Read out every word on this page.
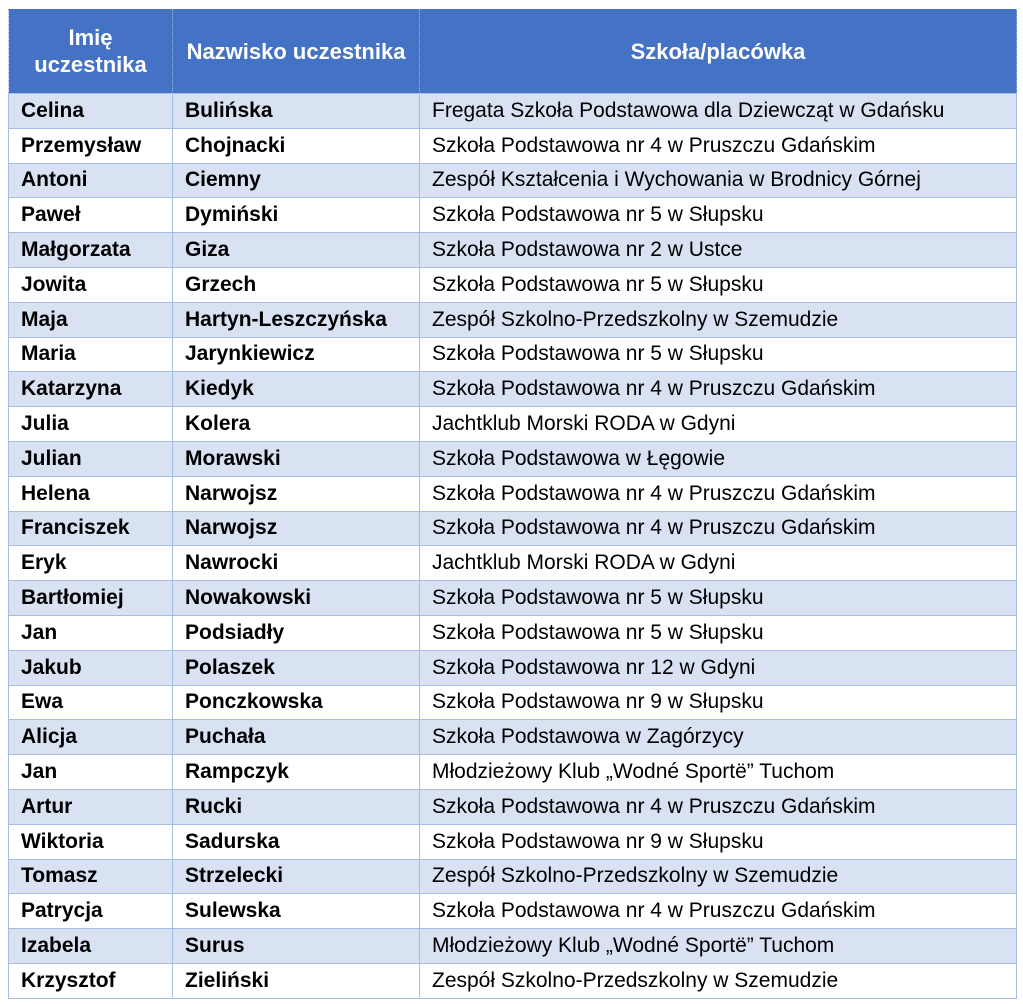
Imię uczestnika	Nazwisko uczestnika	Szkoła/placówka
Celina	Bulińska	Fregata Szkoła Podstawowa dla Dziewcząt w Gdańsku
Przemysław	Chojnacki	Szkoła Podstawowa nr 4 w Pruszczu Gdańskim
Antoni	Ciemny	Zespół Kształcenia i Wychowania w Brodnicy Górnej
Paweł	Dymiński	Szkoła Podstawowa nr 5 w Słupsku
Małgorzata	Giza	Szkoła Podstawowa nr 2 w Ustce
Jowita	Grzech	Szkoła Podstawowa nr 5 w Słupsku
Maja	Hartyn-Leszczyńska	Zespół Szkolno-Przedszkolny w Szemudzie
Maria	Jarynkiewicz	Szkoła Podstawowa nr 5 w Słupsku
Katarzyna	Kiedyk	Szkoła Podstawowa nr 4 w Pruszczu Gdańskim
Julia	Kolera	Jachtklub Morski RODA w Gdyni
Julian	Morawski	Szkoła Podstawowa w Łęgowie
Helena	Narwojsz	Szkoła Podstawowa nr 4 w Pruszczu Gdańskim
Franciszek	Narwojsz	Szkoła Podstawowa nr 4 w Pruszczu Gdańskim
Eryk	Nawrocki	Jachtklub Morski RODA w Gdyni
Bartłomiej	Nowakowski	Szkoła Podstawowa nr 5 w Słupsku
Jan	Podsiadły	Szkoła Podstawowa nr 5 w Słupsku
Jakub	Polaszek	Szkoła Podstawowa nr 12 w Gdyni
Ewa	Ponczkowska	Szkoła Podstawowa nr 9 w Słupsku
Alicja	Puchała	Szkoła Podstawowa w Zagórzycy
Jan	Rampczyk	Młodzieżowy Klub „Wodné Sportë” Tuchom
Artur	Rucki	Szkoła Podstawowa nr 4 w Pruszczu Gdańskim
Wiktoria	Sadurska	Szkoła Podstawowa nr 9 w Słupsku
Tomasz	Strzelecki	Zespół Szkolno-Przedszkolny w Szemudzie
Patrycja	Sulewska	Szkoła Podstawowa nr 4 w Pruszczu Gdańskim
Izabela	Surus	Młodzieżowy Klub „Wodné Sportë” Tuchom
Krzysztof	Zieliński	Zespół Szkolno-Przedszkolny w Szemudzie
